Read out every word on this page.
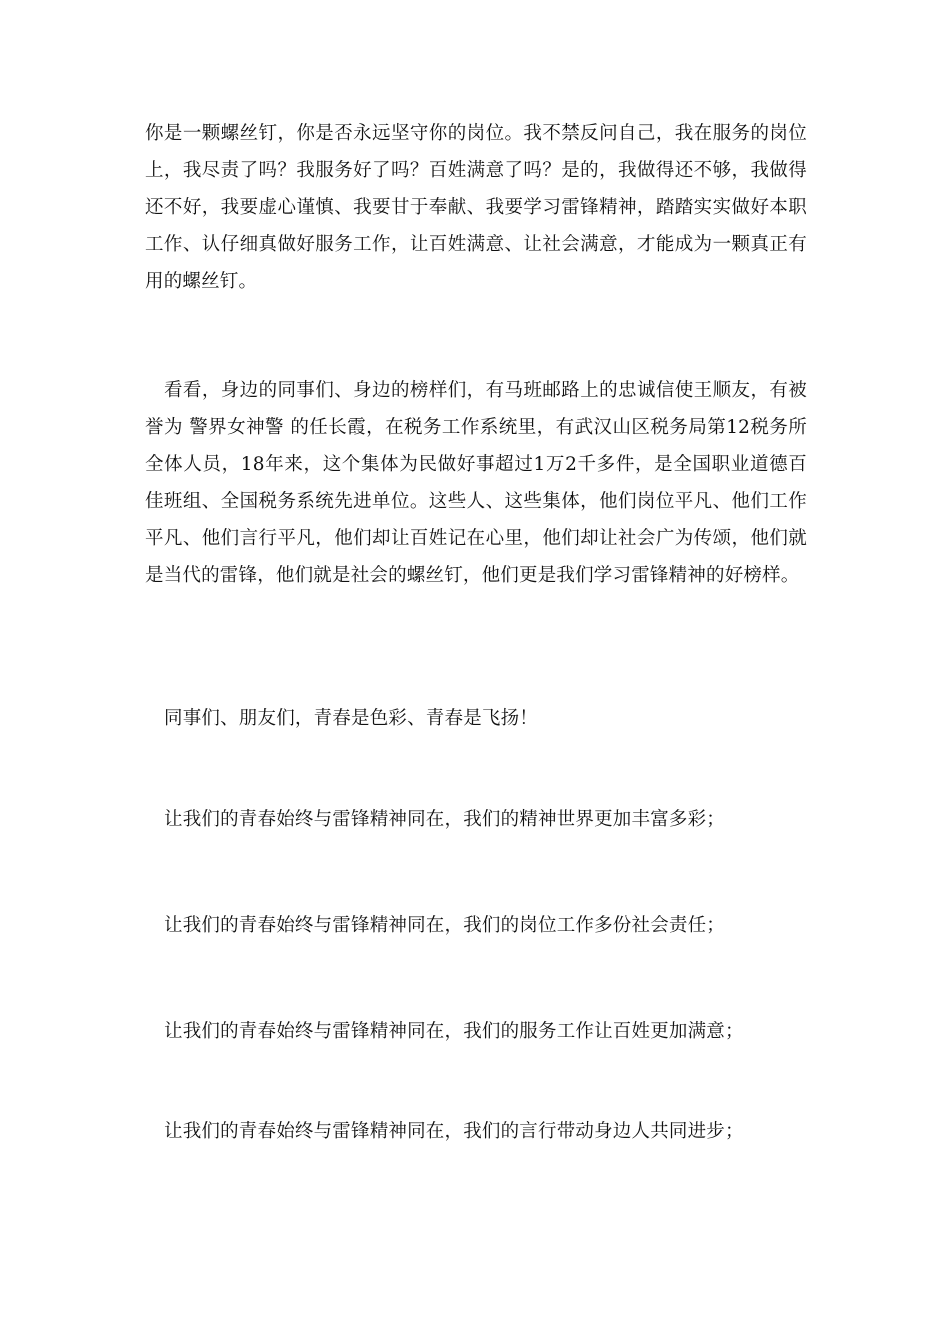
你是一颗螺丝钉，你是否永远坚守你的岗位。我不禁反问自己，我在服务的岗位上，我尽责了吗？我服务好了吗？百姓满意了吗？是的，我做得还不够，我做得还不好，我要虚心谨慎、我要甘于奉献、我要学习雷锋精神，踏踏实实做好本职工作、认仔细真做好服务工作，让百姓满意、让社会满意，才能成为一颗真正有用的螺丝钉。

看看，身边的同事们、身边的榜样们，有马班邮路上的忠诚信使王顺友，有被誉为 警界女神警 的任长霞，在税务工作系统里，有武汉山区税务局第12税务所全体人员，18年来，这个集体为民做好事超过1万2千多件，是全国职业道德百佳班组、全国税务系统先进单位。这些人、这些集体，他们岗位平凡、他们工作平凡、他们言行平凡，他们却让百姓记在心里，他们却让社会广为传颂，他们就是当代的雷锋，他们就是社会的螺丝钉，他们更是我们学习雷锋精神的好榜样。

同事们、朋友们，青春是色彩、青春是飞扬！

让我们的青春始终与雷锋精神同在，我们的精神世界更加丰富多彩；

让我们的青春始终与雷锋精神同在，我们的岗位工作多份社会责任；

让我们的青春始终与雷锋精神同在，我们的服务工作让百姓更加满意；

让我们的青春始终与雷锋精神同在，我们的言行带动身边人共同进步；
